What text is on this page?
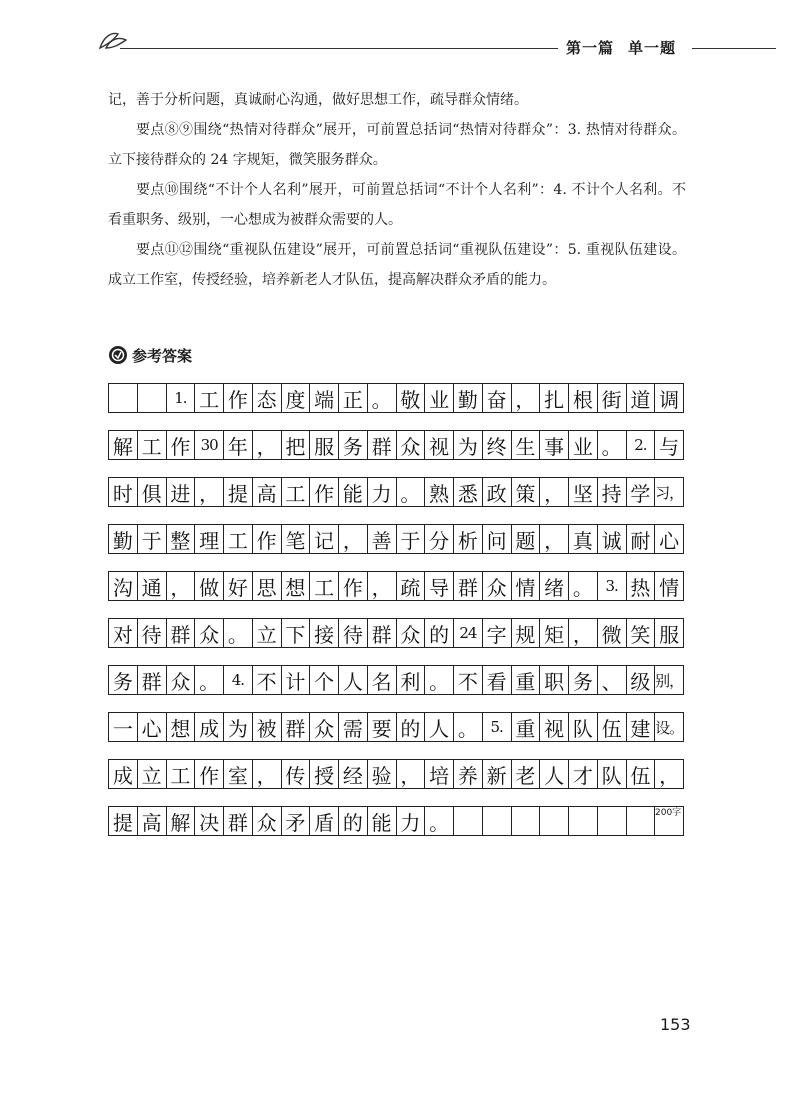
第一篇 单一题

记，善于分析问题，真诚耐心沟通，做好思想工作，疏导群众情绪。

要点⑧⑨围绕“热情对待群众”展开，可前置总括词“热情对待群众”：3. 热情对待群众。立下接待群众的 24 字规矩，微笑服务群众。

要点⑩围绕“不计个人名利”展开，可前置总括词“不计个人名利”：4. 不计个人名利。不看重职务、级别，一心想成为被群众需要的人。

要点⑪⑫围绕“重视队伍建设”展开，可前置总括词“重视队伍建设”：5. 重视队伍建设。成立工作室，传授经验，培养新老人才队伍，提高解决群众矛盾的能力。

参考答案
1. 工 作 态 度 端 正 。 敬 业 勤 奋 ， 扎 根 街 道 调
解 工 作 30 年 ， 把 服 务 群 众 视 为 终 生 事 业 。 2. 与
时 俱 进 ， 提 高 工 作 能 力 。 熟 悉 政 策 ， 坚 持 学 习，
勤 于 整 理 工 作 笔 记 ， 善 于 分 析 问 题 ， 真 诚 耐 心
沟 通 ， 做 好 思 想 工 作 ， 疏 导 群 众 情 绪 。 3. 热 情
对 待 群 众 。 立 下 接 待 群 众 的 24 字 规 矩 ， 微 笑 服
务 群 众 。 4. 不 计 个 人 名 利 。 不 看 重 职 务 、 级 别，
一 心 想 成 为 被 群 众 需 要 的 人 。 5. 重 视 队 伍 建 设。
成 立 工 作 室 ， 传 授 经 验 ， 培 养 新 老 人 才 队 伍 ，
提 高 解 决 群 众 矛 盾 的 能 力 。	200字
153
